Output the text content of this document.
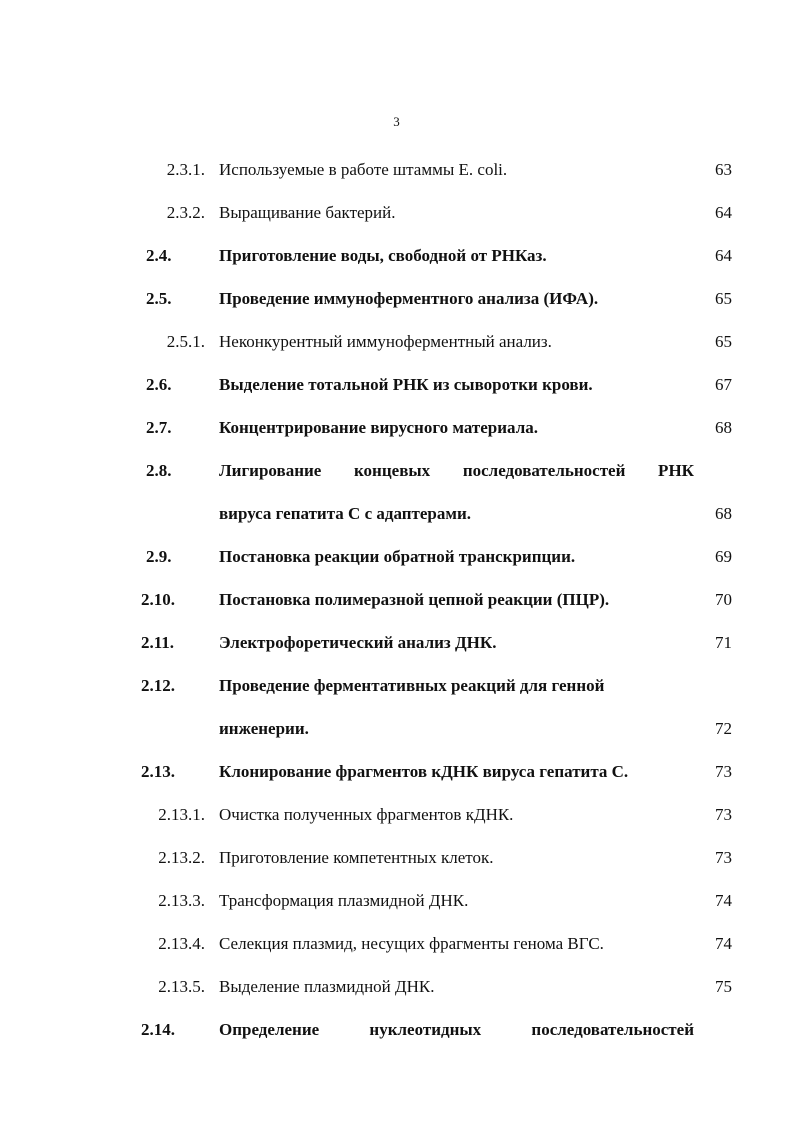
3
2.3.1. Используемые в работе штаммы E. coli.	63
2.3.2. Выращивание бактерий.	64
2.4.	Приготовление воды, свободной от РНКаз.	64
2.5.	Проведение иммуноферментного анализа (ИФА).	65
2.5.1. Неконкурентный иммуноферментный анализ.	65
2.6.	Выделение тотальной РНК из сыворотки крови.	67
2.7.	Концентрирование вирусного материала.	68
2.8.	Лигирование концевых последовательностей РНК
вируса гепатита С с адаптерами.	68
2.9.	Постановка реакции обратной транскрипции.	69
2.10.	Постановка полимеразной цепной реакции (ПЦР).	70
2.11.	Электрофоретический анализ ДНК.	71
2.12.	Проведение ферментативных реакций для генной
инженерии.	72
2.13.	Клонирование фрагментов кДНК вируса гепатита С.	73
2.13.1. Очистка полученных фрагментов кДНК.	73
2.13.2. Приготовление компетентных клеток.	73
2.13.3. Трансформация плазмидной ДНК.	74
2.13.4. Селекция плазмид, несущих фрагменты генома ВГС.	74
2.13.5. Выделение плазмидной ДНК.	75
2.14.	Определение нуклеотидных последовательностей
